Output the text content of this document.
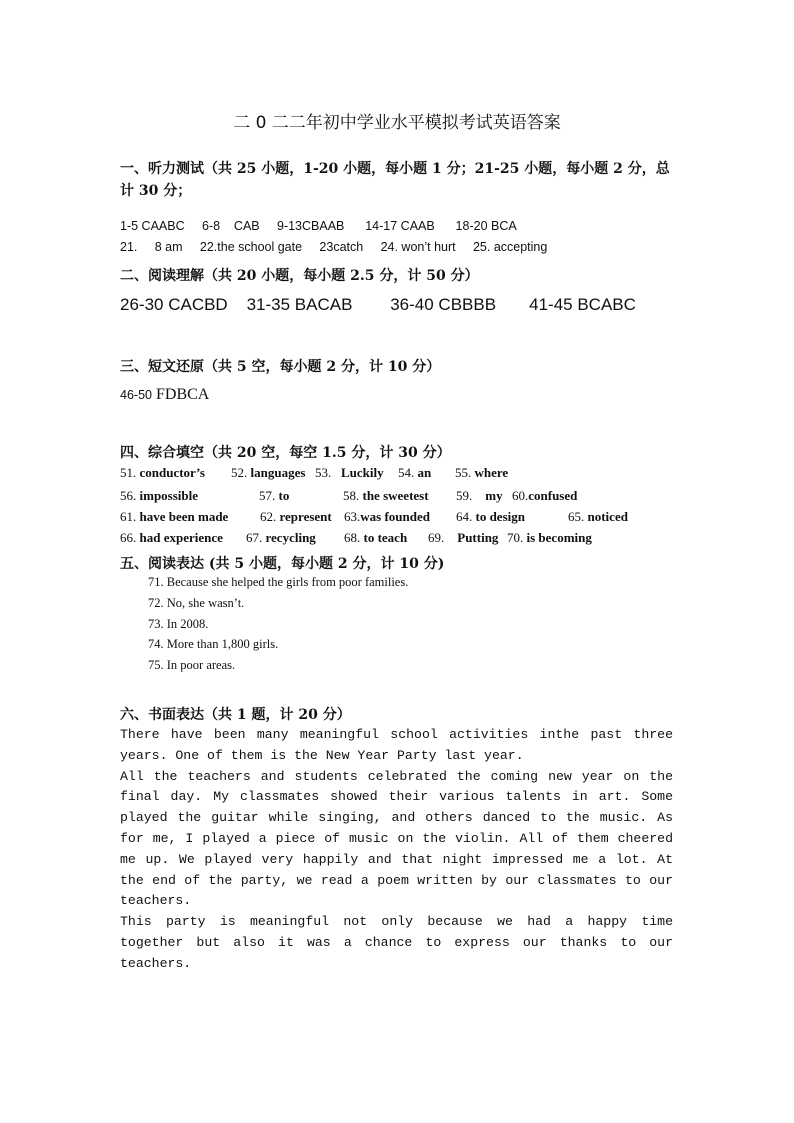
二 0 二二年初中学业水平模拟考试英语答案
一、听力测试（共 25 小题，1-20 小题，每小题 1 分；21-25 小题，每小题 2 分，总计 30 分；
1-5 CAABC     6-8    CAB     9-13CBAAB      14-17 CAAB      18-20 BCA
21.     8 am     22.the school gate     23catch     24. won’t hurt     25. accepting
二、阅读理解（共 20 小题，每小题 2.5 分，计 50 分）
26-30 CACBD    31-35 BACAB        36-40 CBBBB       41-45 BCABC
三、短文还原（共 5 空，每小题 2 分，计 10 分）
46-50 FDBCA
四、综合填空（共 20 空，每空 1.5 分，计 30 分）
51. conductor’s 52. languages 53. Luckily 54. an 55. where
56. impossible	57. to	58. the sweetest 59. my 60.confused
61. have been made 62. represent 63.was founded 64. to design	65. noticed
66. had experience 67. recycling 68. to teach 69. Putting 70. is becoming
五、阅读表达 (共 5 小题，每小题 2 分，计 10 分)
71. Because she helped the girls from poor families.
72. No, she wasn’t.
73. In 2008.
74. More than 1,800 girls.
75. In poor areas.
六、书面表达（共 1 题，计 20 分）

There have been many meaningful school activities inthe past three years. One of them is the New Year Party last year.

All the teachers and students celebrated the coming new year on the final day. My classmates showed their various talents in art. Some played the guitar while singing, and others danced to the music. As for me, I played a piece of music on the violin. All of them cheered me up. We played very happily and that night impressed me a lot. At the end of the party, we read a poem written by our classmates to our teachers.

This party is meaningful not only because we had a happy time together but also it was a chance to express our thanks to our teachers.
